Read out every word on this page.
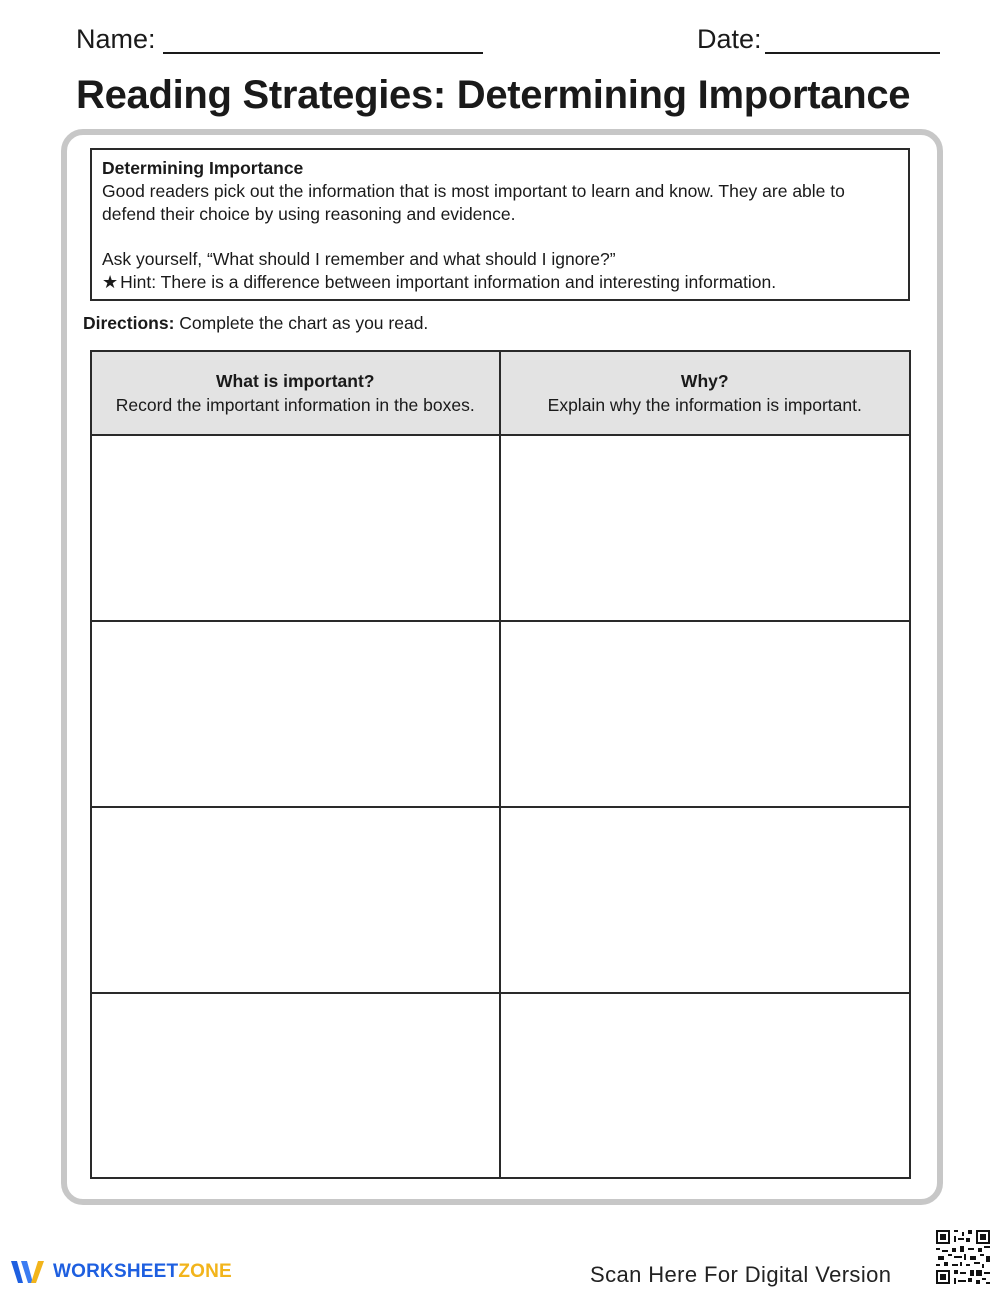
Name:	Date:
Reading Strategies: Determining Importance
Determining Importance
Good readers pick out the information that is most important to learn and know. They are able to
defend their choice by using reasoning and evidence.
Ask yourself, “What should I remember and what should I ignore?”
★ Hint: There is a difference between important information and interesting information.
Directions: Complete the chart as you read.
What is important?
Record the important information in the boxes.
Why?
Explain why the information is important.
WORKSHEETZONE	Scan Here For Digital Version
